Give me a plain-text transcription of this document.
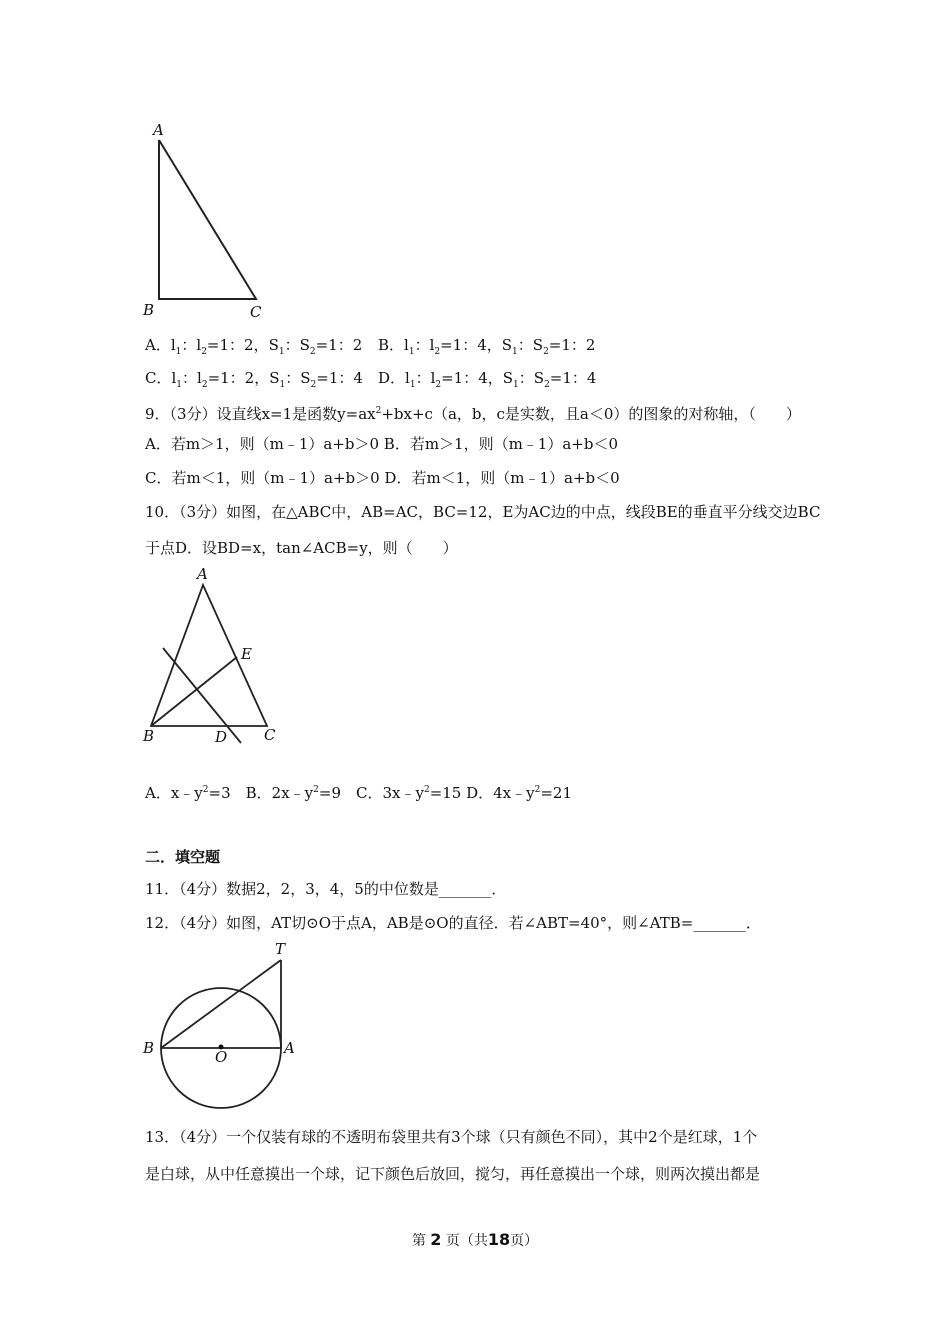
A
B	C
A．$l_1$：$l_2=1$：2，$S_1$：$S_2=1$：2 B．$l_1$：$l_2=1$：4，$S_1$：$S_2=1$：2
C．$l_1$：$l_2=1$：2，$S_1$：$S_2=1$：4 D．$l_1$：$l_2=1$：4，$S_1$：$S_2=1$：4
9．（3分）设直线x=1是函数$y=ax^2+bx+c(a$，b，c是实数，且a＜0）的图象的对称轴，（　　）
A．若m＞1，则（m﹣1）a+b＞0 B．若m＞1，则（m﹣1）a+b＜0
C．若m＜1，则（m﹣1）a+b＞0 D．若m＜1，则（m﹣1）a+b＜0
10．（3分）如图，在△ABC中，AB=AC，BC=12，E为AC边的中点，线段BE的垂直平分线交边BC
于点D．设BD=x，tan∠ACB=y，则（　　）
A
E
B	D C
A．$x﹣y^2=3$　B．$2x﹣y^2=9$　C．$3x﹣y^2=15$ D．$4x﹣y^2=21$
二．填空题
11．（4分）数据2，2，3，4，5的中位数是_______．
12．（4分）如图，AT切⊙O于点A，AB是⊙O的直径．若∠ABT=40°，则∠ATB=_______．
T
B	O	A
13．（4分）一个仅装有球的不透明布袋里共有3个球（只有颜色不同），其中2个是红球，1个
是白球，从中任意摸出一个球，记下颜色后放回，搅匀，再任意摸出一个球，则两次摸出都是
第 2 页（共18页）
